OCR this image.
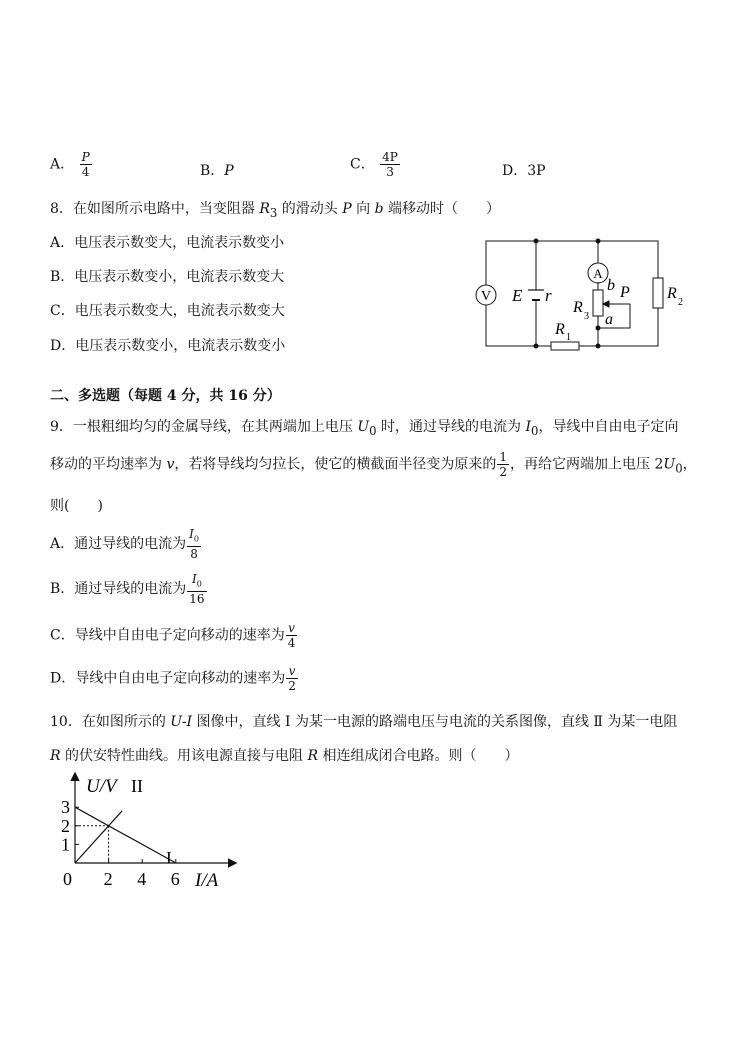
A． $\frac{P}{4}$	B．P	C． $\frac{4P}{3}$	D．3P
8．在如图所示电路中，当变阻器 $R_3$ 的滑动头 P 向 b 端移动时（　　）
A．电压表示数变大，电流表示数变小
B．电压表示数变小，电流表示数变大
C．电压表示数变大，电流表示数变大
D．电压表示数变小，电流表示数变小
V
A
E r
b P
a
R
3
R 1
R
2
二、多选题（每题 4 分，共 16 分）
9．一根粗细均匀的金属导线，在其两端加上电压 $U_0$ 时，通过导线的电流为 $I_0$，导线中自由电子定向
移动的平均速率为 v，若将导线均匀拉长，使它的横截面半径变为原来的 $\frac{1}{2}$ ，再给它两端加上电压 $2U_0$，
则(　　)
A．通过导线的电流为 $\frac{I_0}{8}$
B．通过导线的电流为 $\frac{I_0}{16}$
C．导线中自由电子定向移动的速率为 $\frac{v}{4}$
D．导线中自由电子定向移动的速率为 $\frac{v}{2}$
10．在如图所示的 U-I 图像中，直线 Ⅰ 为某一电源的路端电压与电流的关系图像，直线 Ⅱ 为某一电阻
R 的伏安特性曲线。用该电源直接与电阻 R 相连组成闭合电路。则（　　）
1
2
3
0 2 4 6
U/V
I/A
II
I
